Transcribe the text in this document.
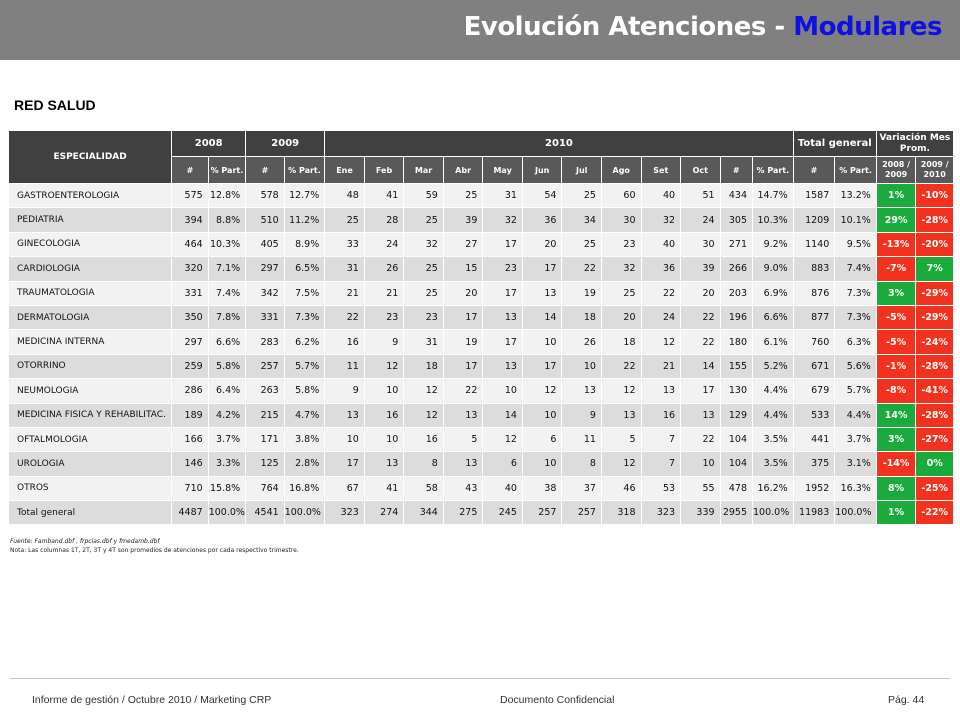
Evolución Atenciones - Modulares
RED SALUD
ESPECIALIDAD	2008		2009		2010												Total general		Variación Mes Prom.	
	#	% Part.	#	% Part.	Ene	Feb	Mar	Abr	May	Jun	Jul	Ago	Set	Oct	#	% Part.	#	% Part.	2008 / 2009	2009 / 2010
GASTROENTEROLOGIA	575	12.8%	578	12.7%	48	41	59	25	31	54	25	60	40	51	434	14.7%	1587	13.2%	1%	-10%
PEDIATRIA	394	8.8%	510	11.2%	25	28	25	39	32	36	34	30	32	24	305	10.3%	1209	10.1%	29%	-28%
GINECOLOGIA	464	10.3%	405	8.9%	33	24	32	27	17	20	25	23	40	30	271	9.2%	1140	9.5%	-13%	-20%
CARDIOLOGIA	320	7.1%	297	6.5%	31	26	25	15	23	17	22	32	36	39	266	9.0%	883	7.4%	-7%	7%
TRAUMATOLOGIA	331	7.4%	342	7.5%	21	21	25	20	17	13	19	25	22	20	203	6.9%	876	7.3%	3%	-29%
DERMATOLOGIA	350	7.8%	331	7.3%	22	23	23	17	13	14	18	20	24	22	196	6.6%	877	7.3%	-5%	-29%
MEDICINA INTERNA	297	6.6%	283	6.2%	16	9	31	19	17	10	26	18	12	22	180	6.1%	760	6.3%	-5%	-24%
OTORRINO	259	5.8%	257	5.7%	11	12	18	17	13	17	10	22	21	14	155	5.2%	671	5.6%	-1%	-28%
NEUMOLOGIA	286	6.4%	263	5.8%	9	10	12	22	10	12	13	12	13	17	130	4.4%	679	5.7%	-8%	-41%
MEDICINA FISICA Y REHABILITAC.	189	4.2%	215	4.7%	13	16	12	13	14	10	9	13	16	13	129	4.4%	533	4.4%	14%	-28%
OFTALMOLOGIA	166	3.7%	171	3.8%	10	10	16	5	12	6	11	5	7	22	104	3.5%	441	3.7%	3%	-27%
UROLOGIA	146	3.3%	125	2.8%	17	13	8	13	6	10	8	12	7	10	104	3.5%	375	3.1%	-14%	0%
OTROS	710	15.8%	764	16.8%	67	41	58	43	40	38	37	46	53	55	478	16.2%	1952	16.3%	8%	-25%
Total general	4487	100.0%	4541	100.0%	323	274	344	275	245	257	257	318	323	339	2955	100.0%	11983	100.0%	1%	-22%
Fuente: Famband.dbf , frpcias.dbf y fmedamb.dbf
Nota: Las columnas 1T, 2T, 3T y 4T son promedios de atenciones por cada respectivo trimestre.
Informe de gestión / Octubre 2010 / Marketing CRP	Documento Confidencial	Pág. 44
